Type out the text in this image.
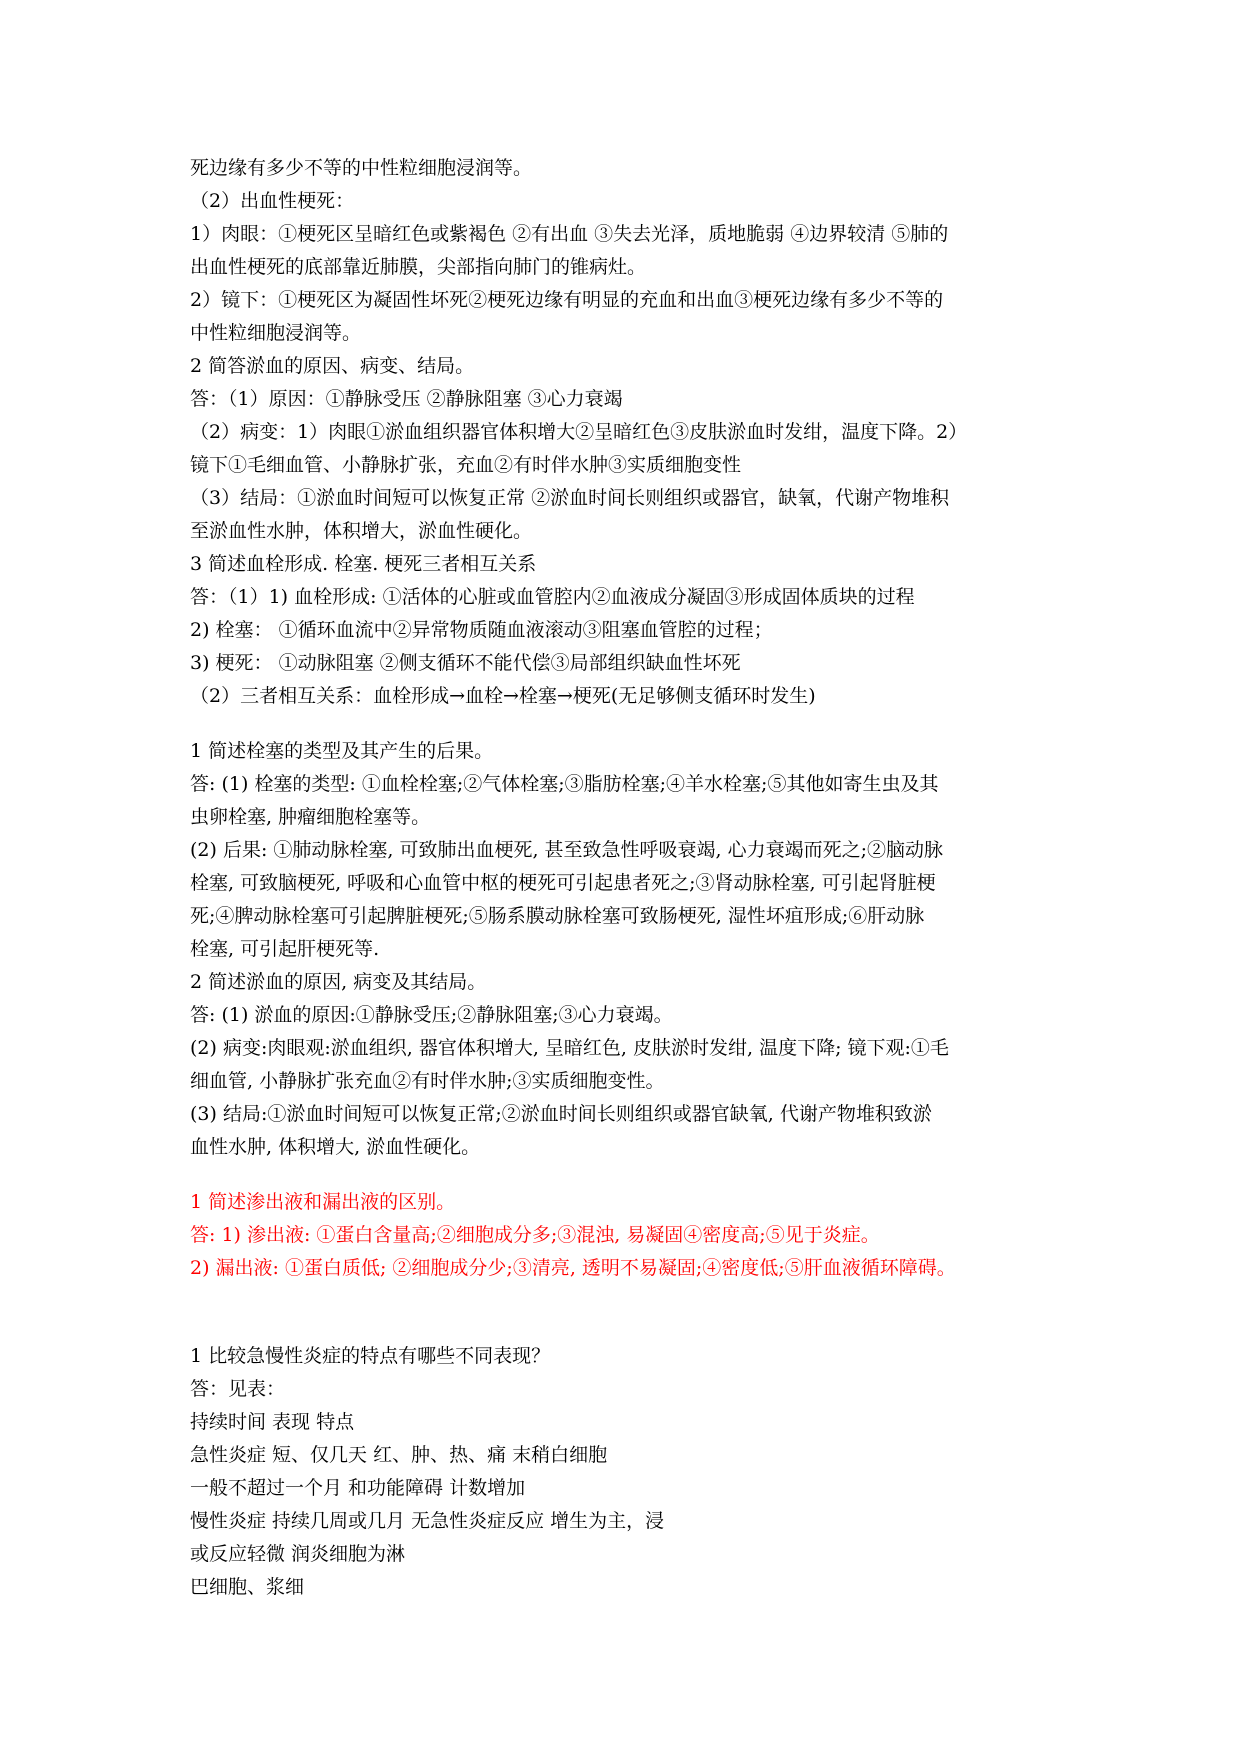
死边缘有多少不等的中性粒细胞浸润等。
（2）出血性梗死：
1）肉眼：①梗死区呈暗红色或紫褐色 ②有出血 ③失去光泽，质地脆弱 ④边界较清 ⑤肺的
出血性梗死的底部靠近肺膜，尖部指向肺门的锥病灶。
2）镜下：①梗死区为凝固性坏死②梗死边缘有明显的充血和出血③梗死边缘有多少不等的
中性粒细胞浸润等。
2 简答淤血的原因、病变、结局。
答：（1）原因：①静脉受压 ②静脉阻塞 ③心力衰竭
（2）病变：1）肉眼①淤血组织器官体积增大②呈暗红色③皮肤淤血时发绀，温度下降。2）
镜下①毛细血管、小静脉扩张，充血②有时伴水肿③实质细胞变性
（3）结局：①淤血时间短可以恢复正常 ②淤血时间长则组织或器官，缺氧，代谢产物堆积
至淤血性水肿，体积增大，淤血性硬化。
3 简述血栓形成. 栓塞. 梗死三者相互关系
答：（1）1) 血栓形成: ①活体的心脏或血管腔内②血液成分凝固③形成固体质块的过程
2) 栓塞： ①循环血流中②异常物质随血液滚动③阻塞血管腔的过程；
3) 梗死： ①动脉阻塞 ②侧支循环不能代偿③局部组织缺血性坏死
（2）三者相互关系：血栓形成→血栓→栓塞→梗死(无足够侧支循环时发生)
1 简述栓塞的类型及其产生的后果。
答: (1) 栓塞的类型: ①血栓栓塞;②气体栓塞;③脂肪栓塞;④羊水栓塞;⑤其他如寄生虫及其
虫卵栓塞, 肿瘤细胞栓塞等。
(2) 后果: ①肺动脉栓塞, 可致肺出血梗死, 甚至致急性呼吸衰竭, 心力衰竭而死之;②脑动脉
栓塞, 可致脑梗死, 呼吸和心血管中枢的梗死可引起患者死之;③肾动脉栓塞, 可引起肾脏梗
死;④脾动脉栓塞可引起脾脏梗死;⑤肠系膜动脉栓塞可致肠梗死, 湿性坏疽形成;⑥肝动脉
栓塞, 可引起肝梗死等.
2 简述淤血的原因, 病变及其结局。
答: (1) 淤血的原因:①静脉受压;②静脉阻塞;③心力衰竭。
(2) 病变:肉眼观:淤血组织, 器官体积增大, 呈暗红色, 皮肤淤时发绀, 温度下降; 镜下观:①毛
细血管, 小静脉扩张充血②有时伴水肿;③实质细胞变性。
(3) 结局:①淤血时间短可以恢复正常;②淤血时间长则组织或器官缺氧, 代谢产物堆积致淤
血性水肿, 体积增大, 淤血性硬化。
1 简述渗出液和漏出液的区别。
答: 1) 渗出液: ①蛋白含量高;②细胞成分多;③混浊, 易凝固④密度高;⑤见于炎症。
2) 漏出液: ①蛋白质低; ②细胞成分少;③清亮, 透明不易凝固;④密度低;⑤肝血液循环障碍。
1 比较急慢性炎症的特点有哪些不同表现？
答：见表：
持续时间 表现 特点
急性炎症 短、仅几天 红、肿、热、痛 末稍白细胞
一般不超过一个月 和功能障碍 计数增加
慢性炎症 持续几周或几月 无急性炎症反应 增生为主，浸
或反应轻微 润炎细胞为淋
巴细胞、浆细
